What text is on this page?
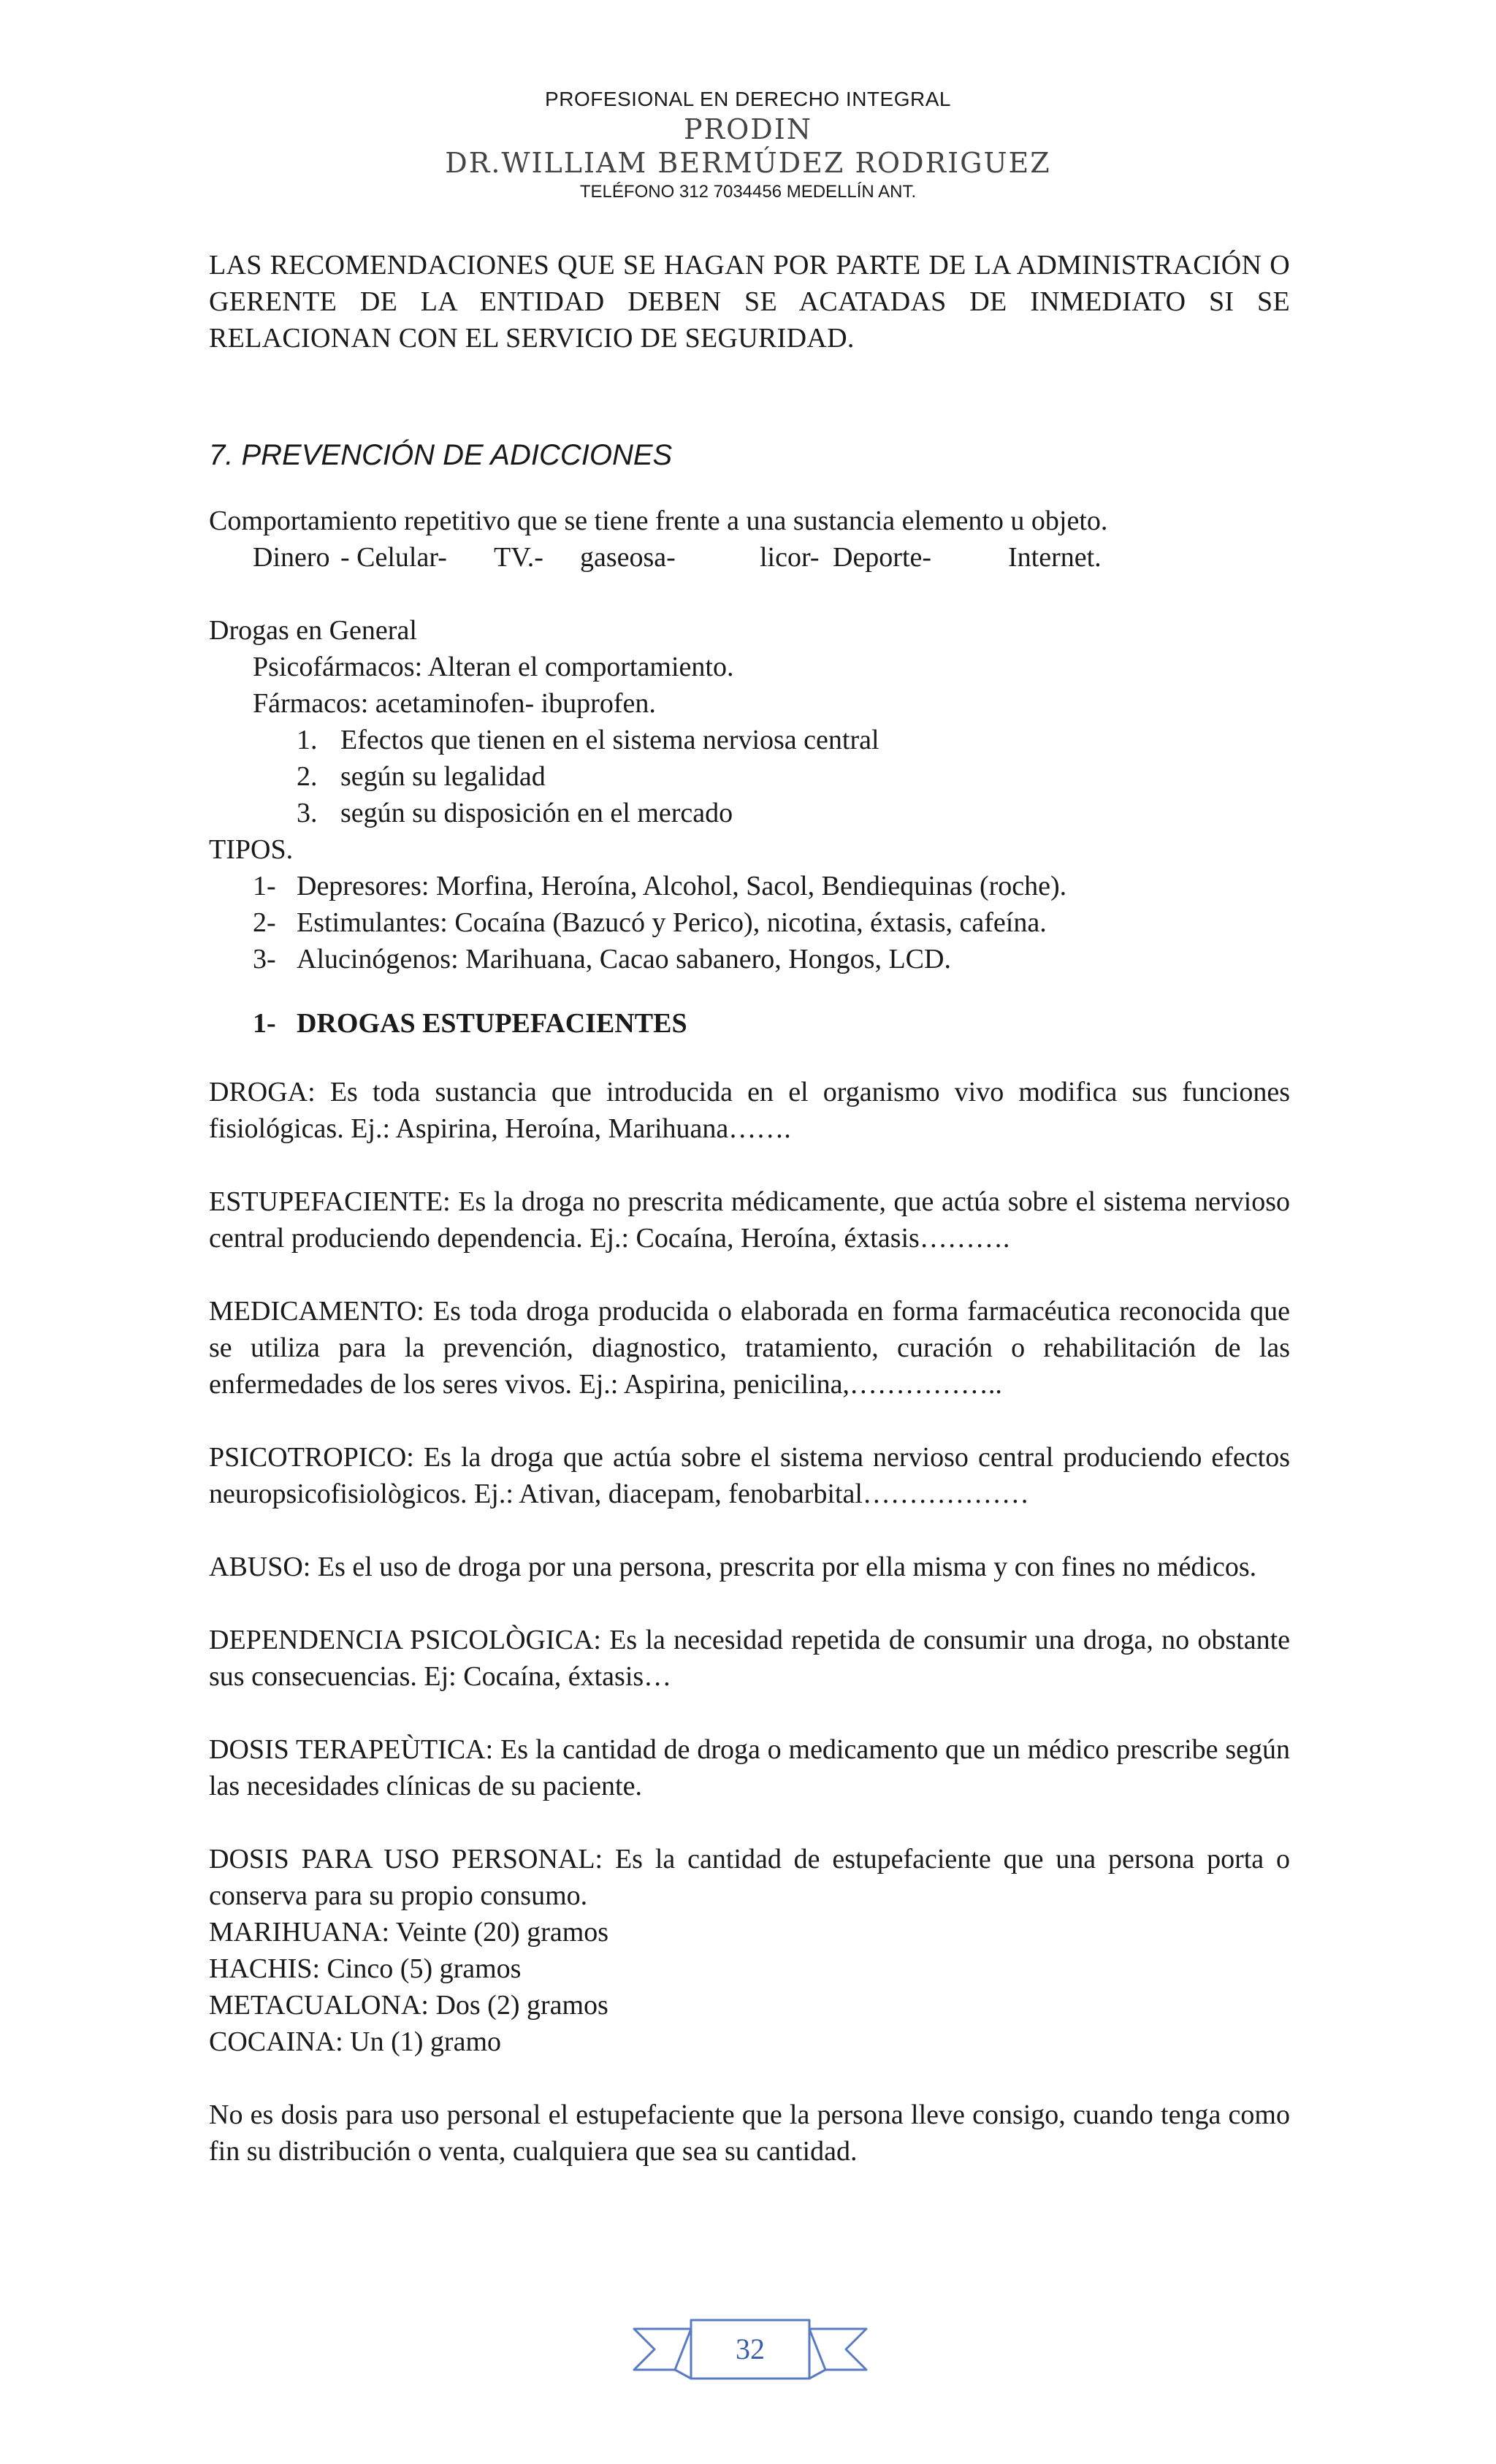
PROFESIONAL EN DERECHO INTEGRAL
PRODIN
DR.WILLIAM BERMÚDEZ RODRIGUEZ
TELÉFONO 312 7034456 MEDELLÍN ANT.

LAS RECOMENDACIONES QUE SE HAGAN POR PARTE DE LA ADMINISTRACIÓN O GERENTE DE LA ENTIDAD DEBEN SE ACATADAS DE INMEDIATO SI SE RELACIONAN CON EL SERVICIO DE SEGURIDAD.

7. PREVENCIÓN DE ADICCIONES

Comportamiento repetitivo que se tiene frente a una sustancia elemento u objeto.

Dinero - Celular-	TV.-	gaseosa-	licor- Deporte-	Internet.

Drogas en General

Psicofármacos: Alteran el comportamiento.

Fármacos: acetaminofen- ibuprofen.

1. Efectos que tienen en el sistema nerviosa central
2. según su legalidad
3. según su disposición en el mercado

TIPOS.

1- Depresores: Morfina, Heroína, Alcohol, Sacol, Bendiequinas (roche).
2- Estimulantes: Cocaína (Bazucó y Perico), nicotina, éxtasis, cafeína.
3- Alucinógenos: Marihuana, Cacao sabanero, Hongos, LCD.
1- DROGAS ESTUPEFACIENTES

DROGA: Es toda sustancia que introducida en el organismo vivo modifica sus funciones fisiológicas. Ej.: Aspirina, Heroína, Marihuana…….

ESTUPEFACIENTE: Es la droga no prescrita médicamente, que actúa sobre el sistema nervioso central produciendo dependencia. Ej.: Cocaína, Heroína, éxtasis……….

MEDICAMENTO: Es toda droga producida o elaborada en forma farmacéutica reconocida que se utiliza para la prevención, diagnostico, tratamiento, curación o rehabilitación de las enfermedades de los seres vivos. Ej.: Aspirina, penicilina,……………..

PSICOTROPICO: Es la droga que actúa sobre el sistema nervioso central produciendo efectos neuropsicofisiològicos. Ej.: Ativan, diacepam, fenobarbital………………

ABUSO: Es el uso de droga por una persona, prescrita por ella misma y con fines no médicos.

DEPENDENCIA PSICOLÒGICA: Es la necesidad repetida de consumir una droga, no obstante sus consecuencias. Ej: Cocaína, éxtasis…

DOSIS TERAPEÙTICA: Es la cantidad de droga o medicamento que un médico prescribe según las necesidades clínicas de su paciente.

DOSIS PARA USO PERSONAL: Es la cantidad de estupefaciente que una persona porta o conserva para su propio consumo.

MARIHUANA: Veinte (20) gramos

HACHIS: Cinco (5) gramos

METACUALONA: Dos (2) gramos

COCAINA: Un (1) gramo

No es dosis para uso personal el estupefaciente que la persona lleve consigo, cuando tenga como fin su distribución o venta, cualquiera que sea su cantidad.

32
